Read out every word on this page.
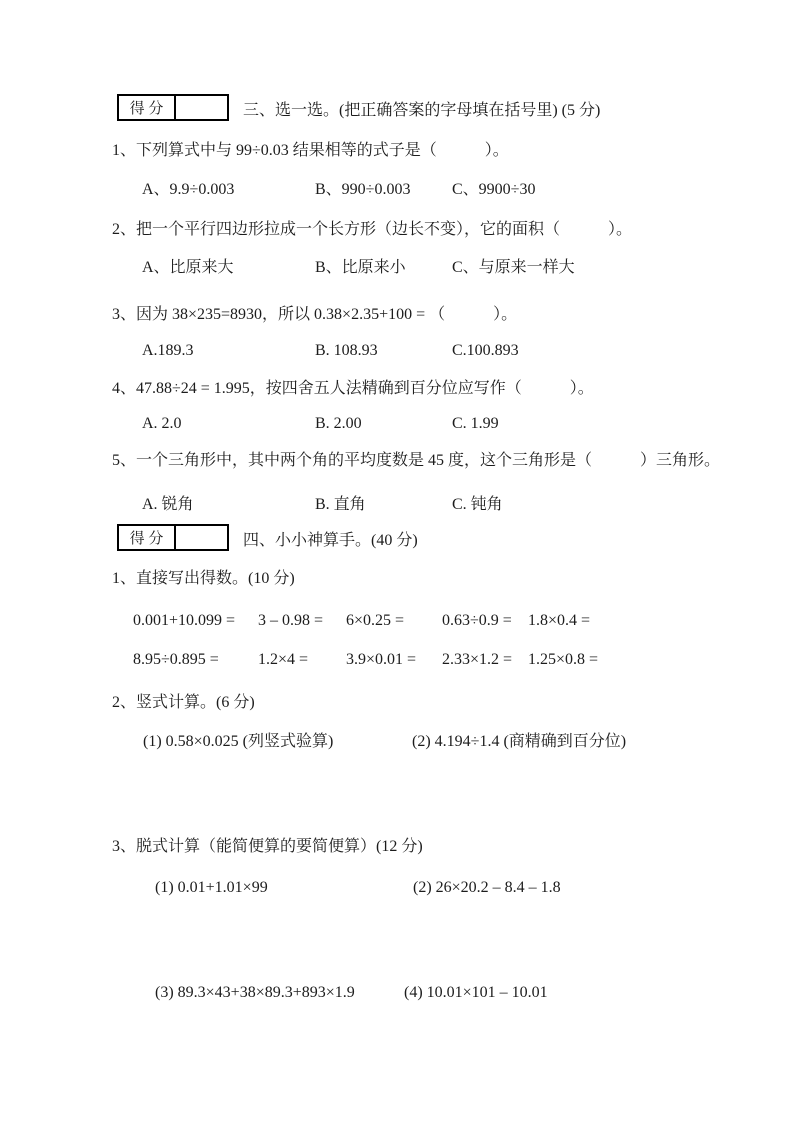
得 分	三、选一选。(把正确答案的字母填在括号里) (5 分)
1、下列算式中与 99÷0.03 结果相等的式子是（　　　）。
A、9.9÷0.003	B、990÷0.003	C、9900÷30
2、把一个平行四边形拉成一个长方形（边长不变），它的面积（　　　）。
A、比原来大	B、比原来小	C、与原来一样大
3、因为 38×235=8930，所以 0.38×2.35+100 = （　　　）。
A.189.3	B. 108.93	C.100.893
4、47.88÷24 = 1.995，按四舍五人法精确到百分位应写作（　　　）。
A. 2.0	B. 2.00	C. 1.99
5、一个三角形中，其中两个角的平均度数是 45 度，这个三角形是（　　　）三角形。
A. 锐角	B. 直角	C. 钝角
得 分	四、小小神算手。(40 分)
1、直接写出得数。(10 分)
0.001+10.099 =	3 – 0.98 =	6×0.25 =	0.63÷0.9 =	1.8×0.4 =
8.95÷0.895 =	1.2×4 =	3.9×0.01 =	2.33×1.2 = 1.25×0.8 =
2、竖式计算。(6 分)
(1) 0.58×0.025 (列竖式验算)	(2) 4.194÷1.4 (商精确到百分位)
3、脱式计算（能简便算的要简便算）(12 分)
(1) 0.01+1.01×99	(2) 26×20.2 – 8.4 – 1.8
(3) 89.3×43+38×89.3+893×1.9	(4) 10.01×101 – 10.01
